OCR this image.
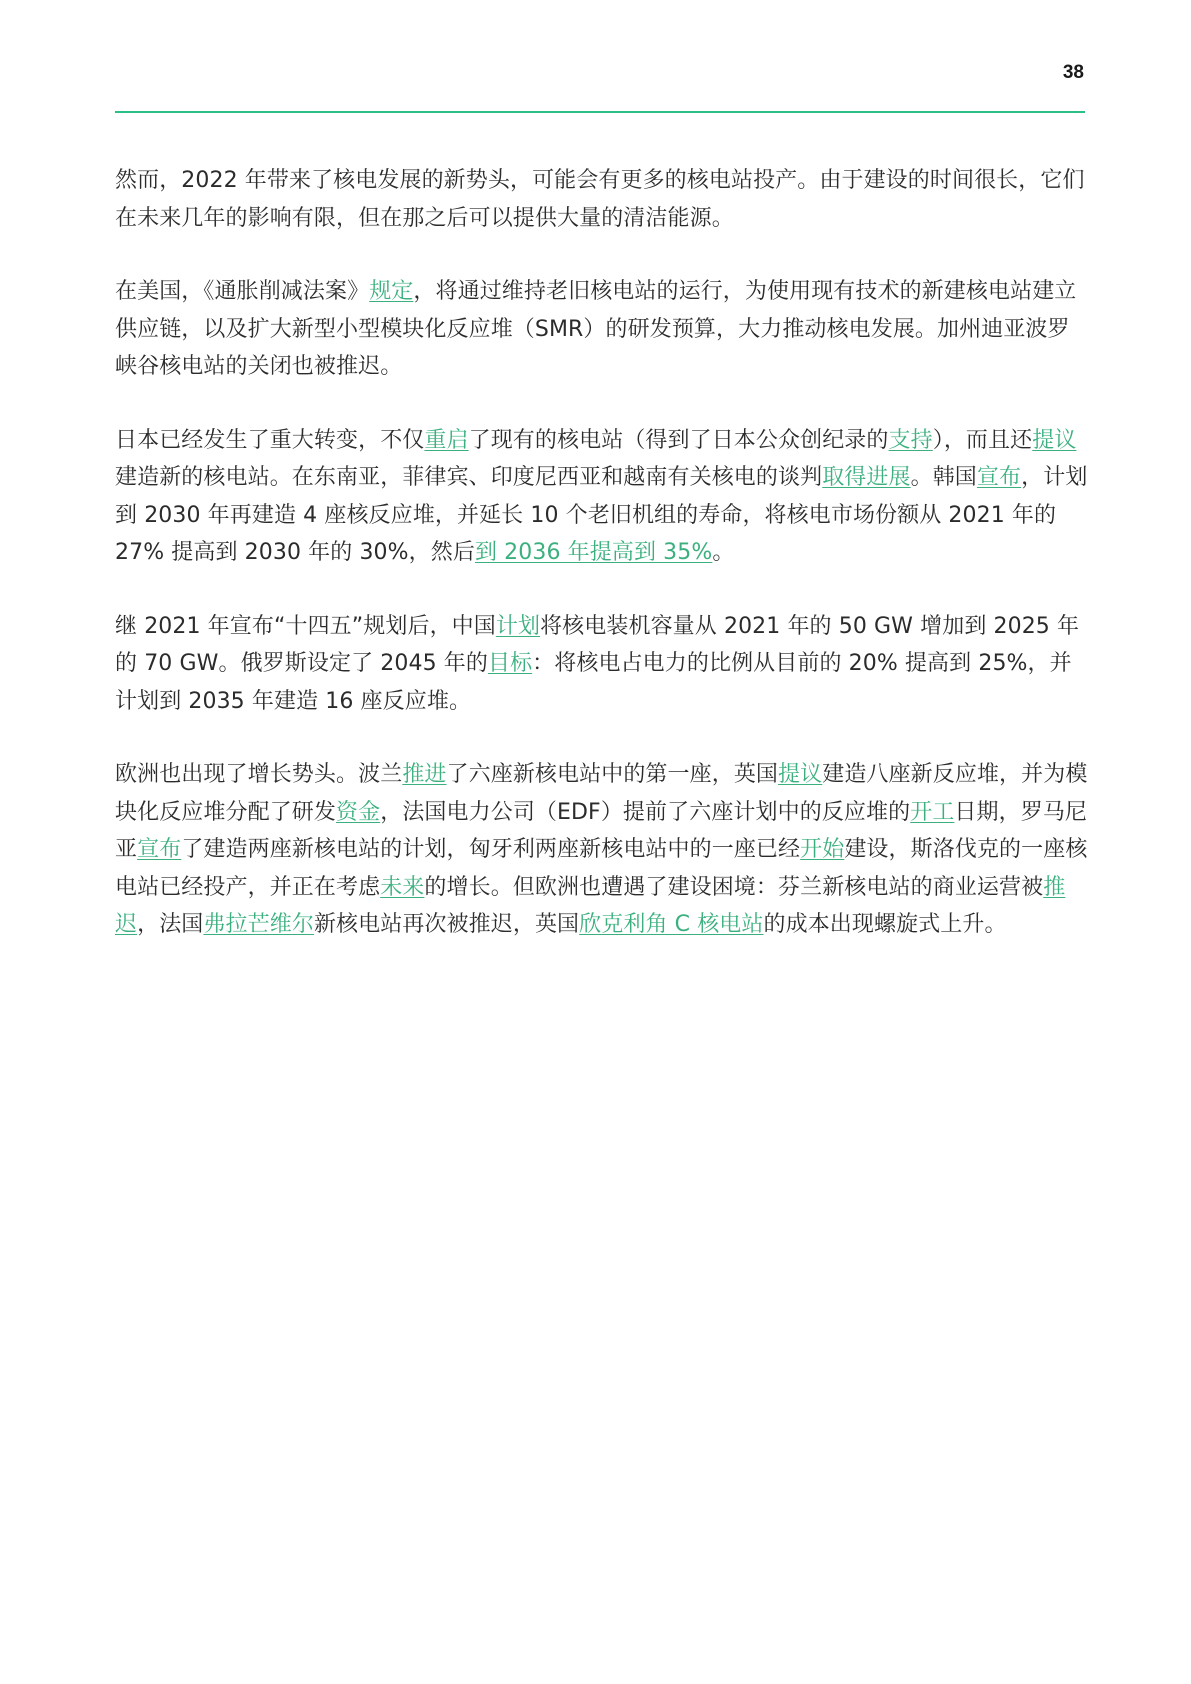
38

然而，2022 年带来了核电发展的新势头，可能会有更多的核电站投产。由于建设的时间很长，它们在未来几年的影响有限，但在那之后可以提供大量的清洁能源。

在美国，《通胀削减法案》规定，将通过维持老旧核电站的运行，为使用现有技术的新建核电站建立供应链，以及扩大新型小型模块化反应堆（SMR）的研发预算，大力推动核电发展。加州迪亚波罗峡谷核电站的关闭也被推迟。

日本已经发生了重大转变，不仅重启了现有的核电站（得到了日本公众创纪录的支持），而且还提议建造新的核电站。在东南亚，菲律宾、印度尼西亚和越南有关核电的谈判取得进展。韩国宣布，计划到 2030 年再建造 4 座核反应堆，并延长 10 个老旧机组的寿命，将核电市场份额从 2021 年的 27% 提高到 2030 年的 30%，然后到 2036 年提高到 35%。

继 2021 年宣布“十四五”规划后，中国计划将核电装机容量从 2021 年的 50 GW 增加到 2025 年的 70 GW。俄罗斯设定了 2045 年的目标：将核电占电力的比例从目前的 20% 提高到 25%，并计划到 2035 年建造 16 座反应堆。

欧洲也出现了增长势头。波兰推进了六座新核电站中的第一座，英国提议建造八座新反应堆，并为模块化反应堆分配了研发资金，法国电力公司（EDF）提前了六座计划中的反应堆的开工日期，罗马尼亚宣布了建造两座新核电站的计划，匈牙利两座新核电站中的一座已经开始建设，斯洛伐克的一座核电站已经投产，并正在考虑未来的增长。但欧洲也遭遇了建设困境：芬兰新核电站的商业运营被推迟，法国弗拉芒维尔新核电站再次被推迟，英国欣克利角 C 核电站的成本出现螺旋式上升。
